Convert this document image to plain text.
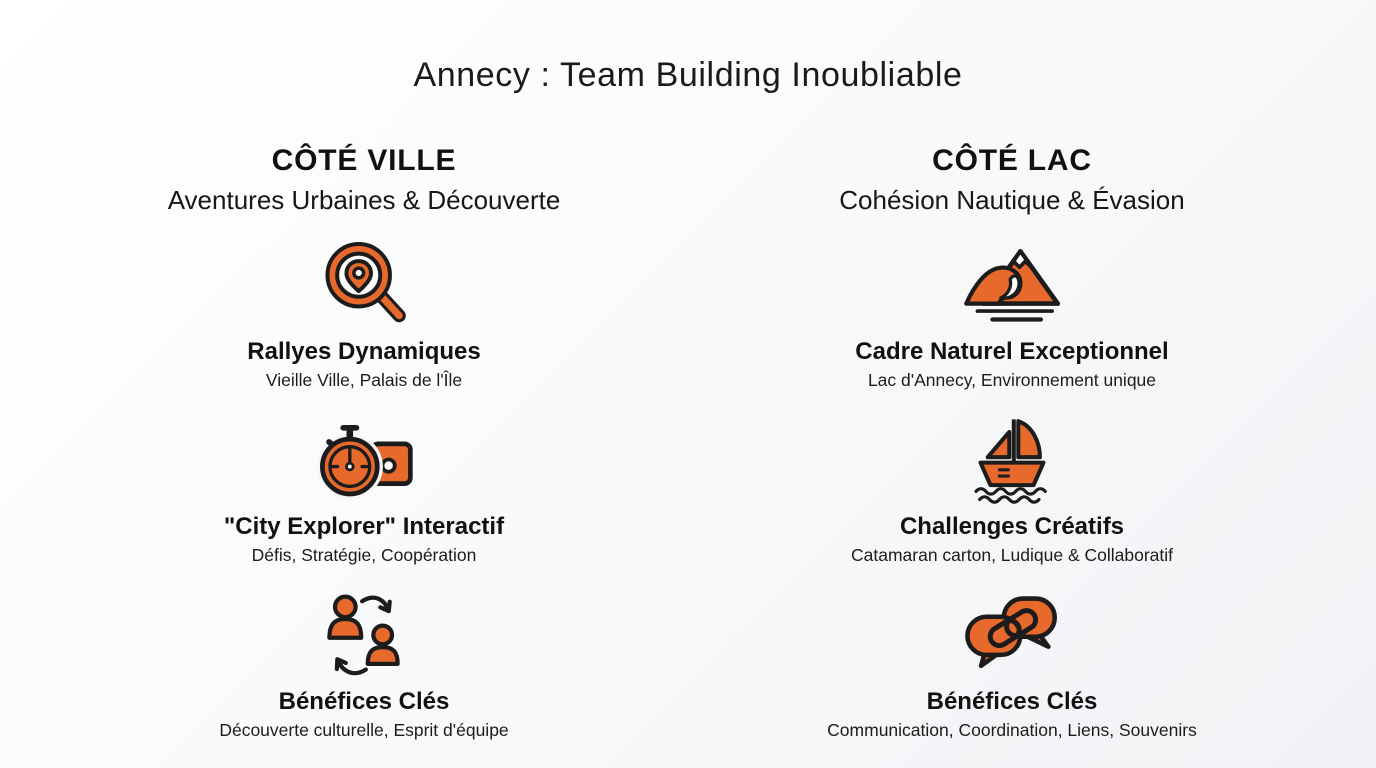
Annecy : Team Building Inoubliable
CÔTÉ VILLE
Aventures Urbaines & Découverte
Rallyes Dynamiques
Vieille Ville, Palais de l'Île
"City Explorer" Interactif
Défis, Stratégie, Coopération
Bénéfices Clés
Découverte culturelle, Esprit d'équipe
CÔTÉ LAC
Cohésion Nautique & Évasion
Cadre Naturel Exceptionnel
Lac d'Annecy, Environnement unique
Challenges Créatifs
Catamaran carton, Ludique & Collaboratif
Bénéfices Clés
Communication, Coordination, Liens, Souvenirs
